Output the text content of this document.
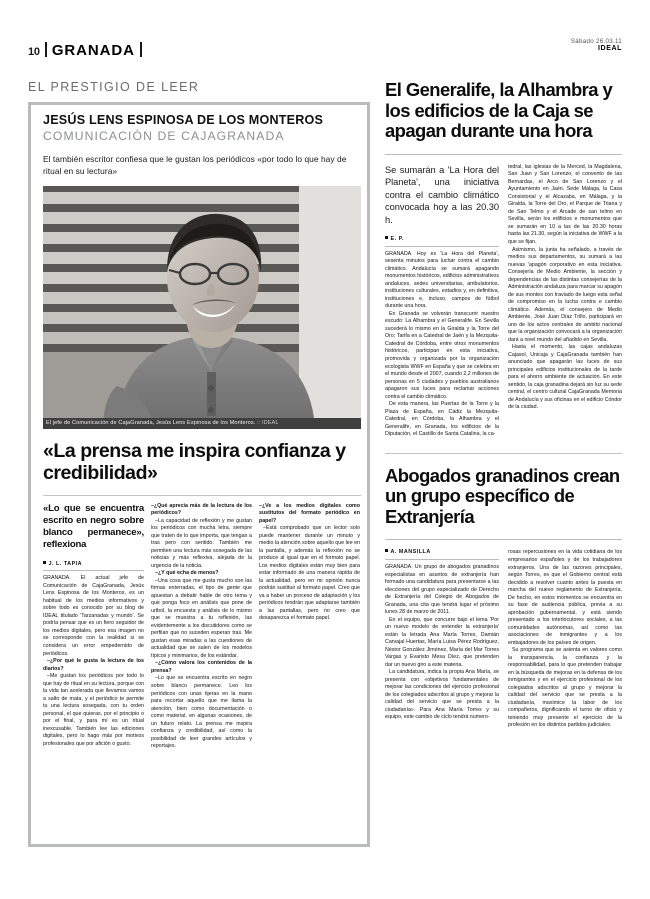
10 GRANADA
Sábado 26.03.11
IDEAL
EL PRESTIGIO DE LEER
JESÚS LENS ESPINOSA DE LOS MONTEROS
COMUNICACIÓN DE CAJAGRANADA
El también escritor confiesa que le gustan los periódicos «por todo lo que hay de ritual en su lectura»
El jefe de Comunicación de CajaGranada, Jesús Lens Espinosa de los Monteros. :: IDEAL
«La prensa me inspira confianza y credibilidad»
«Lo que se encuentra escrito en negro sobre blanco permanece», reflexiona
J. L. TAPIA

GRANADA. El actual jefe de Comunicación de CajaGranada, Jesús Lens Espinosa de los Monteros, es un habitual de los medios informativos y sobre todo es conocido por su blog de IDEAL titulado 'Tarzanadas y mundo'. Se podría pensar que es un fiero seguidor de los medios digitales, pero esa imagen no se corresponde con la realidad si se considera un error empedernido de periódicos.

–¿Por qué le gusta la lectura de los diarios?

–Me gustan los periódicos por todo lo que hay de ritual en su lectura, porque con la vida tan acelerada que llevamos vamos a salto de mata, y el periódico te permite tu una lectura sosegada, con tu orden personal, el que quieras, por el principio o por el final, y para mí es un ritual inexcusable. También lee las ediciones digitales, pero lo hago más por motivos profesionales que por afición o gusto.

–¿Qué aprecia más de la lectura de los periódicos?

–La capacidad de reflexión y me gustan los periódicos con mucha letra, siempre que traten de lo que importa, que tengan a tras pero con sentido. También me permiten una lectura más sosegada de las noticias y más reflexiva, alejada de la urgencia de la noticia.

–¿Y qué echa de menos?

–Una cosa que me gusta mucho son las firmas enterradas, el tipo de gente que apuestan a debatir hable de otro tema y que ponga foco en análisis que pone de urtbol, la encuesta y análisis de lo mismo que se muestra a tu reflexión, las evidentemente a los discutidores como se perfilan que no suceden esperan tras. Me gustan esas miradas a las cuestiones de actualidad que se salen de los modelos típicos y minimarios, de los estándar.

–¿Cómo valora los contenidos de la prensa?

–Lo que se encuentra escrito en negro sobre blanco permanece. Leo los periódicos con unas tijeras en la mano para recortar aquello que me llama la atención, bien como documentación o como material, en algunas ocasiones, de un futuro relato. La prensa me inspira confianza y credibilidad, así como la posibilidad de leer grandes artículos y reportajes.

–¿Ve a los medios digitales como sustitutos del formato periódico en papel?

–Está comprobado que un lector solo puede mantener durante un minuto y medio la atención sobre aquello que lee en la pantalla, y además la reflexión no se produce al igual que en el formato papel. Los medios digitales están muy bien para estar informado de una manera rápida de la actualidad, pero en mi opinión nunca podrán sustituir al formato papel. Creo que va a haber un proceso de adaptación y los periódicos tendrán que adaptarse también a las pantallas, pero no creo que desaparezca el formato papel.

El Generalife, la Alhambra y los edificios de la Caja se apagan durante una hora
Se sumarán a 'La Hora del Planeta', una iniciativa contra el cambio climático convocada hoy a las 20.30 h.
E. P.

GRANADA. Hoy es 'La Hora del Planeta', sesenta minutos para luchar contra el cambio climático. Andalucía se sumará apagando monumentos históricos, edificios administrativos andaluces, sedes universitarias, ambulatorios, instituciones culturales, estadios y, en definitiva, instituciones e, incluso, campos de fútbol durante una hora.

En Granada se volverán transcurrir nuestro escudo: La Alhambra y el Generalife. En Sevilla sucederá lo mismo en la Giralda y la Torre del Oro; Tarifa en a Catedral de Jaén y la Mezquita-Catedral de Córdoba, entre otros monumentos históricos, participan en esta iniciativa, promovida y organizada por la organización ecologista WWF en España y que se celebra en el mundo desde el 2007, cuando 2,2 millones de personas en 5 ciudades y pueblos australianos apagaron sus luces para reclamar acciones contra el cambio climático.

De esta manera, las Puertas de la Torre y la Plaza de España, en Cádiz la Mezquita-Catedral, en Córdoba, la Alhambra y el Generalife, en Granada, los edificios de la Diputación, el Castillo de Santa Catalina, la ca-

tedral, las iglesias de la Merced, la Magdalena, San Juan y San Lorenzo, el convento de las Bernardas, el Arco de San Lorenzo y el Ayuntamiento en Jaén. Sede Málaga, la Casa Consistorial y el Alcazaba, en Málaga, y la Giralda, la Torre del Oro, el Parque de Triana y de San Telmo y el Arcade de san telmo en Sevilla, serán los edificios e monumentos que se sumarán en 10 a las de las 20.30 horas hasta las 21.30, según la iniciativa de WWF a la que se fijan.

Asimismo, la junta ha señalado, a través de medios sus departamentos, su sumará a las nuevas 'apagón corporativo en esta iniciativa. Consejería de Medio Ambiente, la sección y dependencias de las distintas consejerías de la Administración andaluza para marcar su apagón de sus montes con traviado de luego esta señal de compromiso en la lucha contra e cambio climático. Además, el consejero de Medio Ambiente, José Juan Díaz Trillo, participará en uno de los actos centrales de ambito nacional que la organización convocará a la organización dará a nivel mundo del añadido en Sevilla.

Hasta el momento, las cajas andaluzas Cajasol, Unicaja y CajaGranada también han anunciado que apagarán las luces de sus principales edificios institucionales de la tarde para el ahorro ambiente de actuación. En este sentido, la caja granadina dejará sin luz su sede central, el centro cultural CajaGranada Memoria de Andalucía y sus oficinas en el edificio Cóndor de la ciudad.

Abogados granadinos crean un grupo específico de Extranjería
A. MANSILLA

GRANADA. Un grupo de abogados granadinos especialistas en asuntos de extranjería han formado una candidatura para presentarse a las elecciones del grupo especializado de Derecho de Extranjería del Colegio de Abogados de Granada, una cita que tendrá lugar el próximo lunes 28 de marzo de 2011.

En el equipo, que concurre bajo el lema 'Por un nuevo modelo de entender la extranjería' están la letrada Ana María Torres, Damián Carvajal Huertas, María Luisa Pérez Rodríguez, Néstor González Jiménez, María del Mar Torres Vargas y Evaristo Mesa Díez, que pretenden dar un nuevo giro a este materia.

La candidatura, indica la propia Ana María, se presenta con «objetivos fundamentales de mejorar las condiciones del ejercicio profesional de los colegiados adscritos al grupo y mejorar la calidad del servicio que se presta a la ciudadanía». Para Ana María Torres y su equipo, este cambio de ciclo tendrá numero-

rosas repercusiones en la vida cotidiana de los empresarios españoles y de los trabajadores extranjeros. Una de las razones principales, según Torres, es que el Gobierno central está decidido a resolver cuanto antes la puesta en marcha del nuevo reglamento de Extranjería. De hecho, en estos momentos se encuentra en su fase de audiencia pública, previa a su aprobación gubernamental, y está siendo presentado a los interlocutores sociales, a las comunidades autónomas, así como las asociaciones de inmigrantes y a los embajadores de los países de origen.

Su programa que se asienta en valores como la transparencia, la confianza y la responsabilidad, para lo que pretenden trabajar en la búsqueda de mejoras en la defensa de los inmigrantes y en el ejercicio profesional de los colegiados adscritos al grupo y mejorar la calidad del servicio que se presta a la ciudadanía, maximice la labor de los compañeros, dignificando el turno de oficio y teniendo muy presente el ejercicio de la profesión en los distintos partidos judiciales.
